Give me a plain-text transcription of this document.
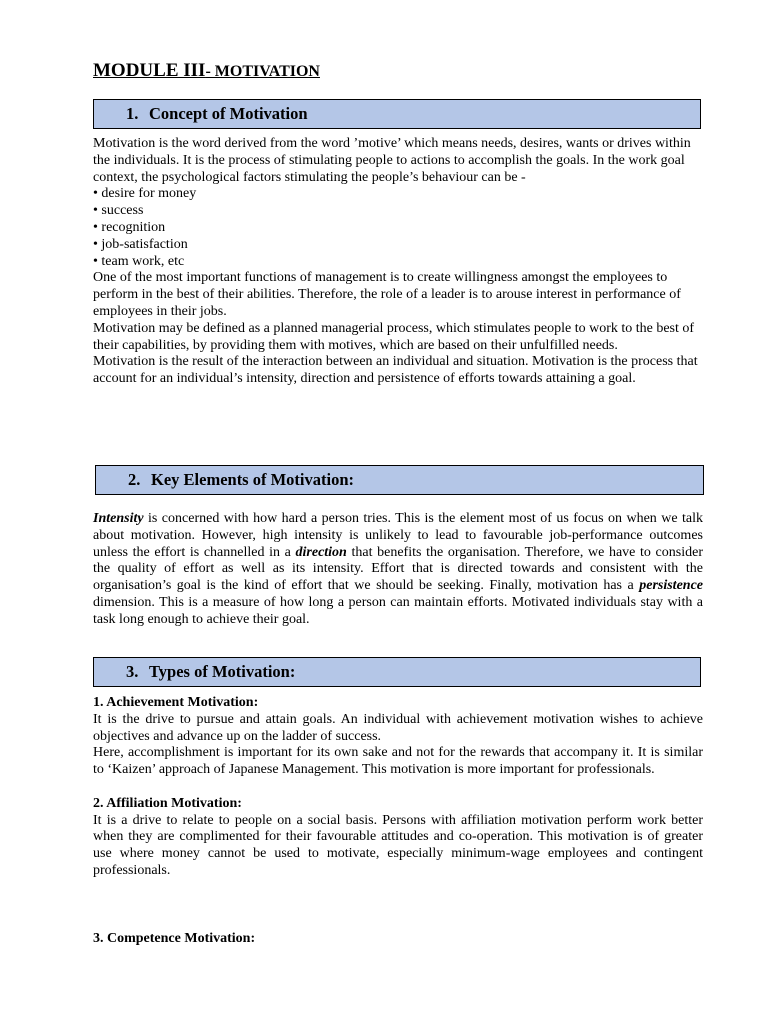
MODULE III- MOTIVATION
1. Concept of Motivation

Motivation is the word derived from the word ’motive’ which means needs, desires, wants or drives within the individuals. It is the process of stimulating people to actions to accomplish the goals. In the work goal context, the psychological factors stimulating the people’s behaviour can be -

• desire for money

• success

• recognition

• job-satisfaction

• team work, etc

One of the most important functions of management is to create willingness amongst the employees to perform in the best of their abilities. Therefore, the role of a leader is to arouse interest in performance of employees in their jobs.

Motivation may be defined as a planned managerial process, which stimulates people to work to the best of their capabilities, by providing them with motives, which are based on their unfulfilled needs.

Motivation is the result of the interaction between an individual and situation. Motivation is the process that account for an individual’s intensity, direction and persistence of efforts towards attaining a goal.

2. Key Elements of Motivation:

Intensity is concerned with how hard a person tries. This is the element most of us focus on when we talk about motivation. However, high intensity is unlikely to lead to favourable job-performance outcomes unless the effort is channelled in a direction that benefits the organisation. Therefore, we have to consider the quality of effort as well as its intensity. Effort that is directed towards and consistent with the organisation’s goal is the kind of effort that we should be seeking. Finally, motivation has a persistence dimension. This is a measure of how long a person can maintain efforts. Motivated individuals stay with a task long enough to achieve their goal.

3. Types of Motivation:

1. Achievement Motivation:

It is the drive to pursue and attain goals. An individual with achievement motivation wishes to achieve objectives and advance up on the ladder of success.

Here, accomplishment is important for its own sake and not for the rewards that accompany it. It is similar to ‘Kaizen’ approach of Japanese Management. This motivation is more important for professionals.

2. Affiliation Motivation:

It is a drive to relate to people on a social basis. Persons with affiliation motivation perform work better when they are complimented for their favourable attitudes and co-operation. This motivation is of greater use where money cannot be used to motivate, especially minimum-wage employees and contingent professionals.

3. Competence Motivation:
